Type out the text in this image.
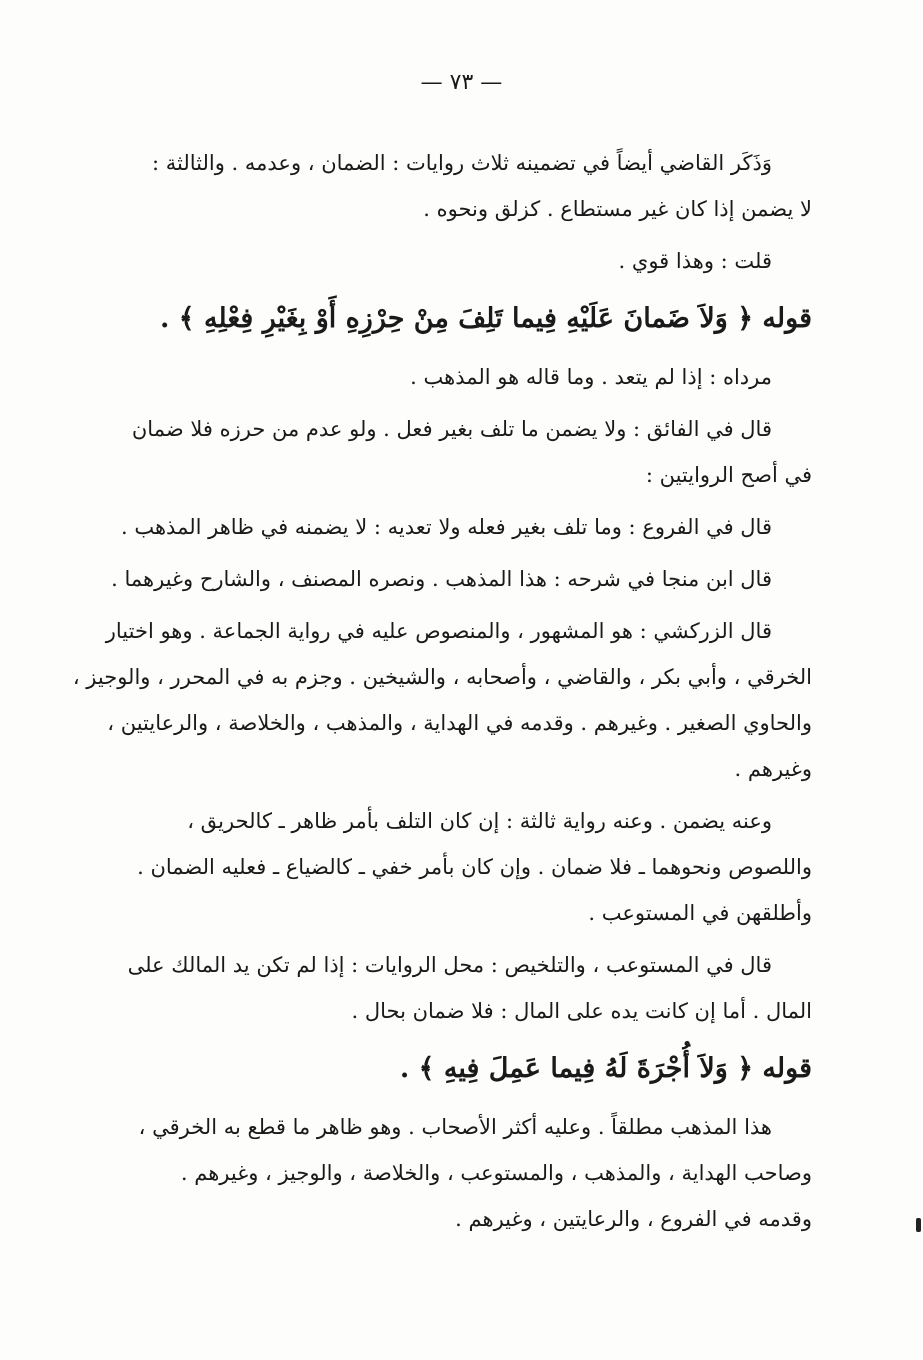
— ٧٣ —
وَذَكَر القاضي أيضاً في تضمينه ثلاث روايات : الضمان ، وعدمه . والثالثة :
لا يضمن إذا كان غير مستطاع . كزلق ونحوه .
قلت : وهذا قوي .
قوله ﴿ وَلاَ ضَمانَ عَلَيْهِ فِيما تَلِفَ مِنْ حِرْزِهِ أَوْ بِغَيْرِ فِعْلِهِ ﴾ .
مرداه : إذا لم يتعد . وما قاله هو المذهب .
قال في الفائق : ولا يضمن ما تلف بغير فعل . ولو عدم من حرزه فلا ضمان
في أصح الروايتين :
قال في الفروع : وما تلف بغير فعله ولا تعديه : لا يضمنه في ظاهر المذهب .
قال ابن منجا في شرحه : هذا المذهب . ونصره المصنف ، والشارح وغيرهما .
قال الزركشي : هو المشهور ، والمنصوص عليه في رواية الجماعة . وهو اختيار
الخرقي ، وأبي بكر ، والقاضي ، وأصحابه ، والشيخين . وجزم به في المحرر ، والوجيز ،
والحاوي الصغير . وغيرهم . وقدمه في الهداية ، والمذهب ، والخلاصة ، والرعايتين ،
وغيرهم .
وعنه يضمن . وعنه رواية ثالثة : إن كان التلف بأمر ظاهر ـ كالحريق ،
واللصوص ونحوهما ـ فلا ضمان . وإن كان بأمر خفي ـ كالضياع ـ فعليه الضمان .
وأطلقهن في المستوعب .
قال في المستوعب ، والتلخيص : محل الروايات : إذا لم تكن يد المالك على
المال . أما إن كانت يده على المال : فلا ضمان بحال .
قوله ﴿ وَلاَ أُجْرَةَ لَهُ فِيما عَمِلَ فِيهِ ﴾ .
هذا المذهب مطلقاً . وعليه أكثر الأصحاب . وهو ظاهر ما قطع به الخرقي ،
وصاحب الهداية ، والمذهب ، والمستوعب ، والخلاصة ، والوجيز ، وغيرهم .
وقدمه في الفروع ، والرعايتين ، وغيرهم .
